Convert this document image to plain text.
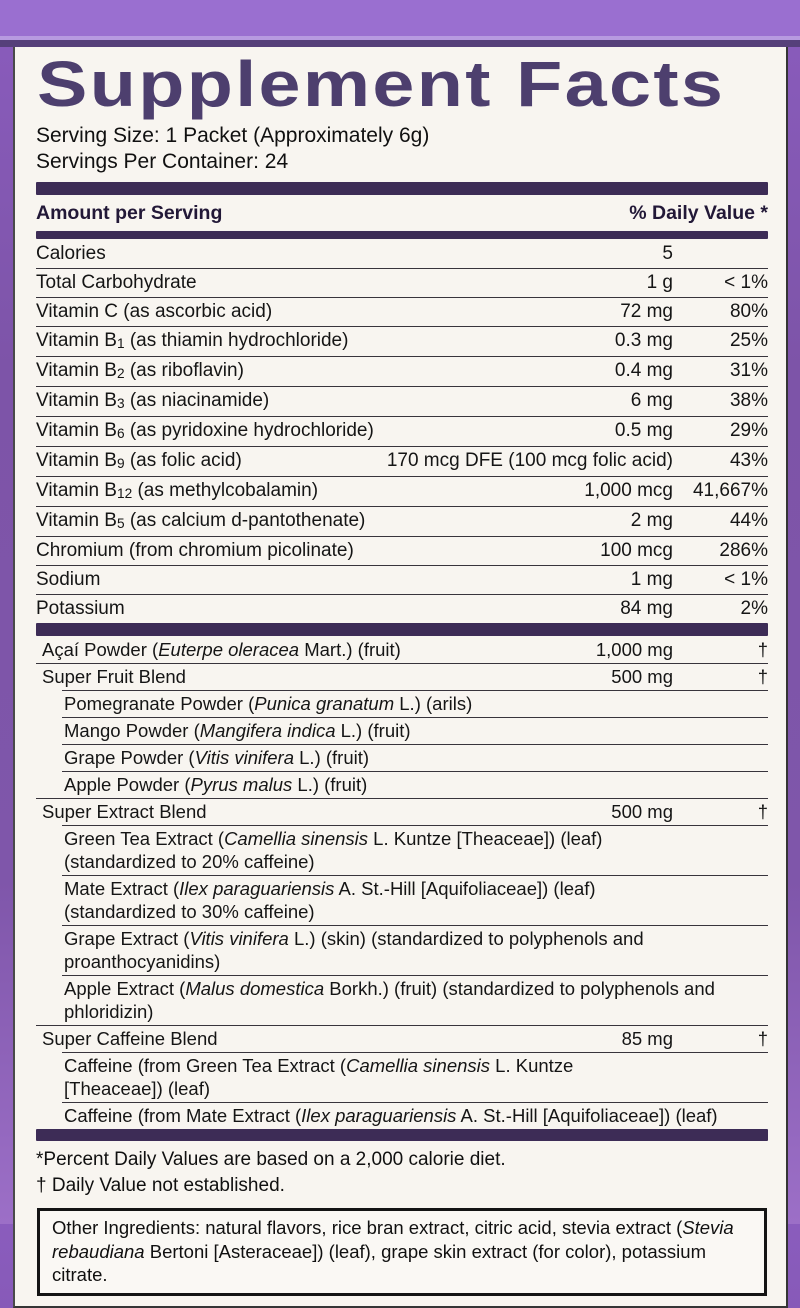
Supplement Facts
Serving Size: 1 Packet (Approximately 6g)
Servings Per Container: 24
Amount per Serving	% Daily Value *
Calories	5
Total Carbohydrate	1 g	< 1%
Vitamin C (as ascorbic acid)	72 mg	80%
Vitamin $B_1$ (as thiamin hydrochloride)	0.3 mg	25%
Vitamin $B_2$ (as riboflavin)	0.4 mg	31%
Vitamin $B_3$ (as niacinamide)	6 mg	38%
Vitamin $B_6$ (as pyridoxine hydrochloride)	0.5 mg	29%
Vitamin $B_9$ (as folic acid)	170 mcg DFE (100 mcg folic acid)	43%
Vitamin $B_{12}$ (as methylcobalamin)	1,000 mcg	41,667%
Vitamin $B_5$ (as calcium d-pantothenate)	2 mg	44%
Chromium (from chromium picolinate)	100 mcg	286%
Sodium	1 mg	< 1%
Potassium	84 mg	2%
Açaí Powder (Euterpe oleracea Mart.) (fruit)	1,000 mg	†
Super Fruit Blend	500 mg	†
Pomegranate Powder (Punica granatum L.) (arils)
Mango Powder (Mangifera indica L.) (fruit)
Grape Powder (Vitis vinifera L.) (fruit)
Apple Powder (Pyrus malus L.) (fruit)
Super Extract Blend	500 mg	†
Green Tea Extract (Camellia sinensis L. Kuntze [Theaceae]) (leaf)
(standardized to 20% caffeine)
Mate Extract (Ilex paraguariensis A. St.-Hill [Aquifoliaceae]) (leaf)
(standardized to 30% caffeine)
Grape Extract (Vitis vinifera L.) (skin) (standardized to polyphenols and proanthocyanidins)
Apple Extract (Malus domestica Borkh.) (fruit) (standardized to polyphenols and phloridizin)
Super Caffeine Blend	85 mg	†
Caffeine (from Green Tea Extract (Camellia sinensis L. Kuntze
[Theaceae]) (leaf)
Caffeine (from Mate Extract (Ilex paraguariensis A. St.-Hill [Aquifoliaceae]) (leaf)
*Percent Daily Values are based on a 2,000 calorie diet.
† Daily Value not established.
Other Ingredients: natural flavors, rice bran extract, citric acid, stevia extract (Stevia rebaudiana Bertoni [Asteraceae]) (leaf), grape skin extract (for color), potassium citrate.
